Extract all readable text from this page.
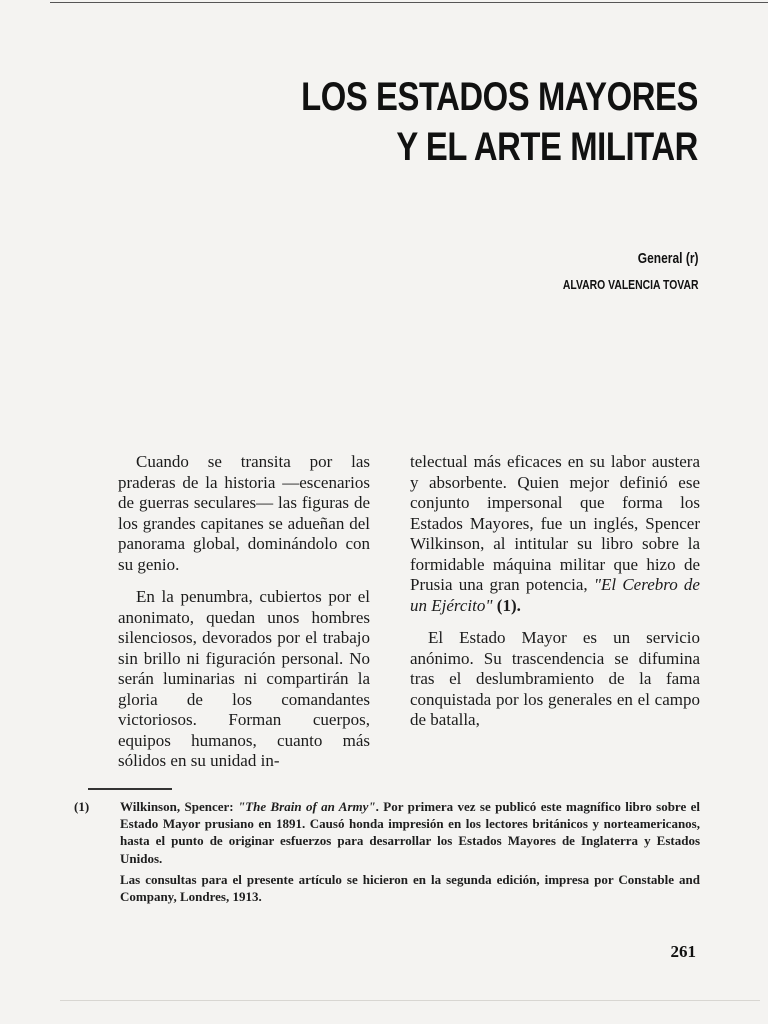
LOS ESTADOS MAYORES
Y EL ARTE MILITAR
General (r)
ALVARO VALENCIA TOVAR

Cuando se transita por las praderas de la historia —escenarios de guerras seculares— las figuras de los grandes capitanes se adueñan del panorama global, dominándolo con su genio.

En la penumbra, cubiertos por el anonimato, quedan unos hombres silenciosos, devorados por el trabajo sin brillo ni figuración personal. No serán luminarias ni compartirán la gloria de los comandantes victoriosos. Forman cuerpos, equipos humanos, cuanto más sólidos en su unidad in-

telectual más eficaces en su labor austera y absorbente. Quien mejor definió ese conjunto impersonal que forma los Estados Mayores, fue un inglés, Spencer Wilkinson, al intitular su libro sobre la formidable máquina militar que hizo de Prusia una gran potencia, "El Cerebro de un Ejército" (1).

El Estado Mayor es un servicio anónimo. Su trascendencia se difumina tras el deslumbramiento de la fama conquistada por los generales en el campo de batalla,

(1)	Wilkinson, Spencer: "The Brain of an Army". Por primera vez se publicó este magnífico libro sobre el Estado Mayor prusiano en 1891. Causó honda impresión en los lectores británicos y norteamericanos, hasta el punto de originar esfuerzos para desarrollar los Estados Mayores de Inglaterra y Estados Unidos.
Las consultas para el presente artículo se hicieron en la segunda edición, impresa por Constable and Company, Londres, 1913.
261
